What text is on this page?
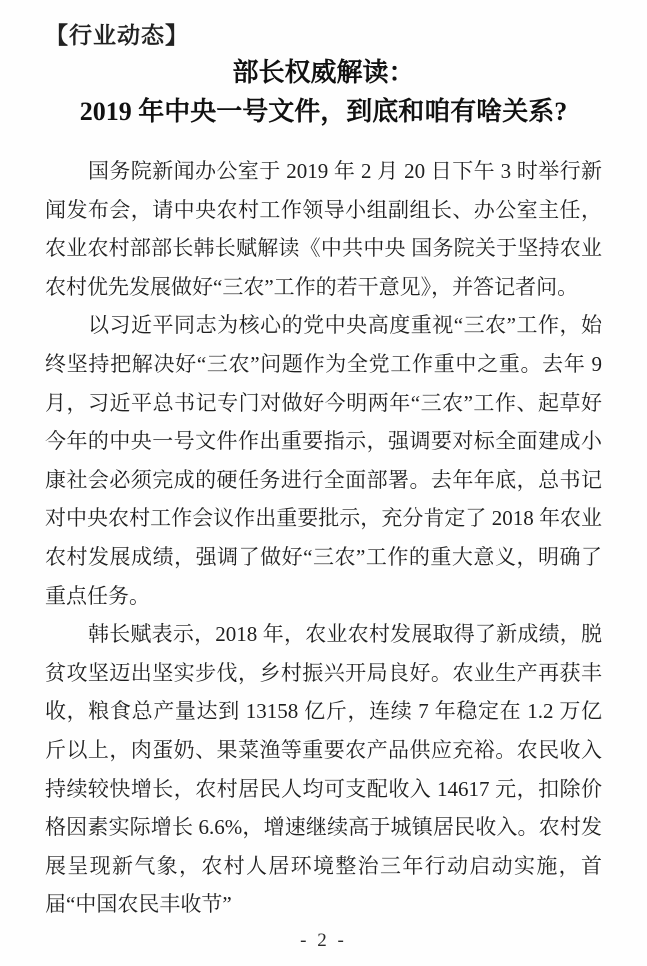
【行业动态】
部长权威解读：
2019 年中央一号文件，到底和咱有啥关系?

国务院新闻办公室于 2019 年 2 月 20 日下午 3 时举行新闻发布会，请中央农村工作领导小组副组长、办公室主任，农业农村部部长韩长赋解读《中共中央 国务院关于坚持农业农村优先发展做好“三农”工作的若干意见》，并答记者问。

以习近平同志为核心的党中央高度重视“三农”工作，始终坚持把解决好“三农”问题作为全党工作重中之重。去年 9 月，习近平总书记专门对做好今明两年“三农”工作、起草好今年的中央一号文件作出重要指示，强调要对标全面建成小康社会必须完成的硬任务进行全面部署。去年年底，总书记对中央农村工作会议作出重要批示，充分肯定了 2018 年农业农村发展成绩，强调了做好“三农”工作的重大意义，明确了重点任务。

韩长赋表示，2018 年，农业农村发展取得了新成绩，脱贫攻坚迈出坚实步伐，乡村振兴开局良好。农业生产再获丰收，粮食总产量达到 13158 亿斤，连续 7 年稳定在 1.2 万亿斤以上，肉蛋奶、果菜渔等重要农产品供应充裕。农民收入持续较快增长，农村居民人均可支配收入 14617 元，扣除价格因素实际增长 6.6%，增速继续高于城镇居民收入。农村发展呈现新气象，农村人居环境整治三年行动启动实施，首届“中国农民丰收节”

- 2 -
